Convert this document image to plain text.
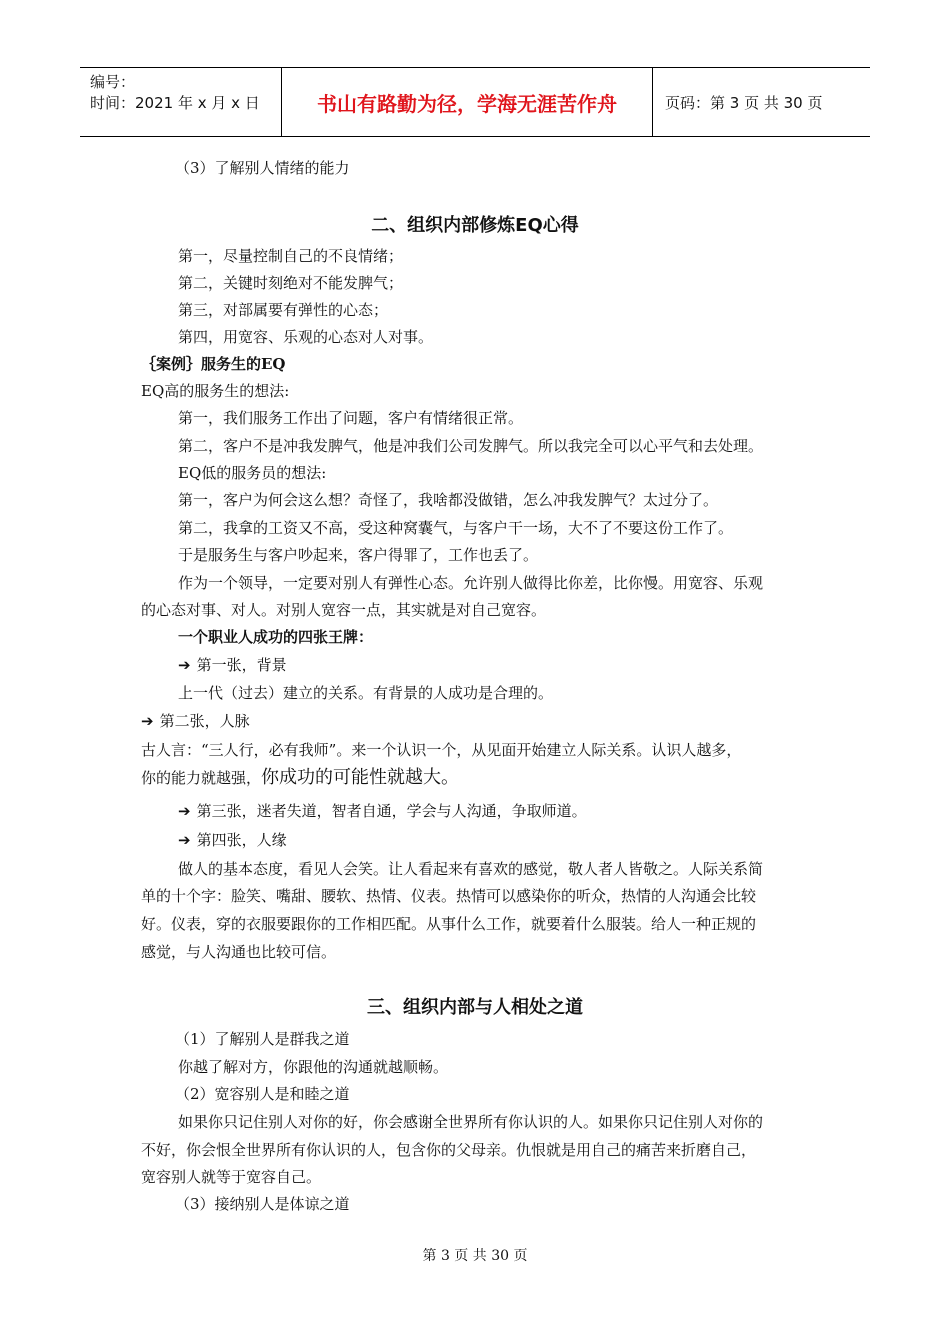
编号：
时间：2021 年 x 月 x 日	书山有路勤为径，学海无涯苦作舟	页码：第 3 页 共 30 页
（3）了解别人情绪的能力
二、组织内部修炼EQ心得
第一，尽量控制自己的不良情绪；
第二，关键时刻绝对不能发脾气；
第三，对部属要有弹性的心态；
第四，用宽容、乐观的心态对人对事。
｛案例｝服务生的EQ
EQ高的服务生的想法:
第一，我们服务工作出了问题，客户有情绪很正常。
第二，客户不是冲我发脾气，他是冲我们公司发脾气。所以我完全可以心平气和去处理。
EQ低的服务员的想法:
第一，客户为何会这么想？奇怪了，我啥都没做错，怎么冲我发脾气？太过分了。
第二，我拿的工资又不高，受这种窝囊气，与客户干一场，大不了不要这份工作了。
于是服务生与客户吵起来，客户得罪了，工作也丢了。
作为一个领导，一定要对别人有弹性心态。允许别人做得比你差，比你慢。用宽容、乐观
的心态对事、对人。对别人宽容一点，其实就是对自己宽容。
一个职业人成功的四张王牌：
➔ 第一张，背景
上一代（过去）建立的关系。有背景的人成功是合理的。
➔ 第二张，人脉
古人言：“三人行，必有我师”。来一个认识一个，从见面开始建立人际关系。认识人越多，
你的能力就越强，你成功的可能性就越大。
➔ 第三张，迷者失道，智者自通，学会与人沟通，争取师道。
➔ 第四张，人缘
做人的基本态度，看见人会笑。让人看起来有喜欢的感觉，敬人者人皆敬之。人际关系简
单的十个字：脸笑、嘴甜、腰软、热情、仪表。热情可以感染你的听众，热情的人沟通会比较
好。仪表，穿的衣服要跟你的工作相匹配。从事什么工作，就要着什么服装。给人一种正规的
感觉，与人沟通也比较可信。
三、组织内部与人相处之道
（1）了解别人是群我之道
你越了解对方，你跟他的沟通就越顺畅。
（2）宽容别人是和睦之道
如果你只记住别人对你的好，你会感谢全世界所有你认识的人。如果你只记住别人对你的
不好，你会恨全世界所有你认识的人，包含你的父母亲。仇恨就是用自己的痛苦来折磨自己，
宽容别人就等于宽容自己。
（3）接纳别人是体谅之道
第 3 页 共 30 页
